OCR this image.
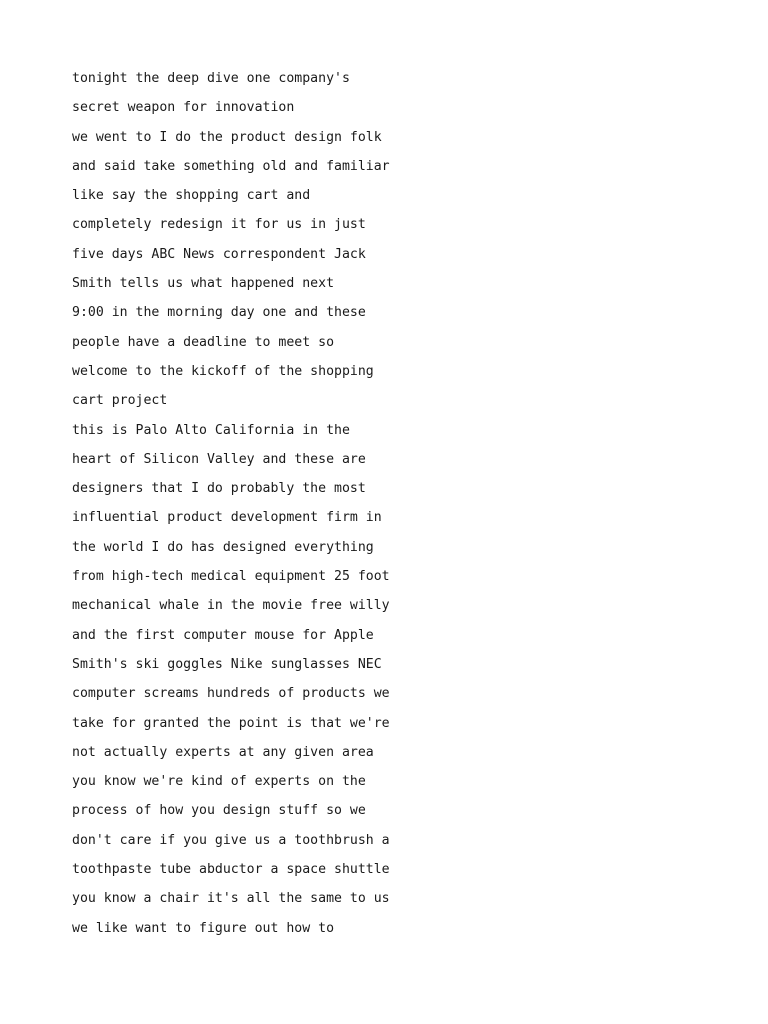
tonight the deep dive one company's
secret weapon for innovation
we went to I do the product design folk
and said take something old and familiar
like say the shopping cart and
completely redesign it for us in just
five days ABC News correspondent Jack
Smith tells us what happened next
9:00 in the morning day one and these
people have a deadline to meet so
welcome to the kickoff of the shopping
cart project
this is Palo Alto California in the
heart of Silicon Valley and these are
designers that I do probably the most
influential product development firm in
the world I do has designed everything
from high-tech medical equipment 25 foot
mechanical whale in the movie free willy
and the first computer mouse for Apple
Smith's ski goggles Nike sunglasses NEC
computer screams hundreds of products we
take for granted the point is that we're
not actually experts at any given area
you know we're kind of experts on the
process of how you design stuff so we
don't care if you give us a toothbrush a
toothpaste tube abductor a space shuttle
you know a chair it's all the same to us
we like want to figure out how to
